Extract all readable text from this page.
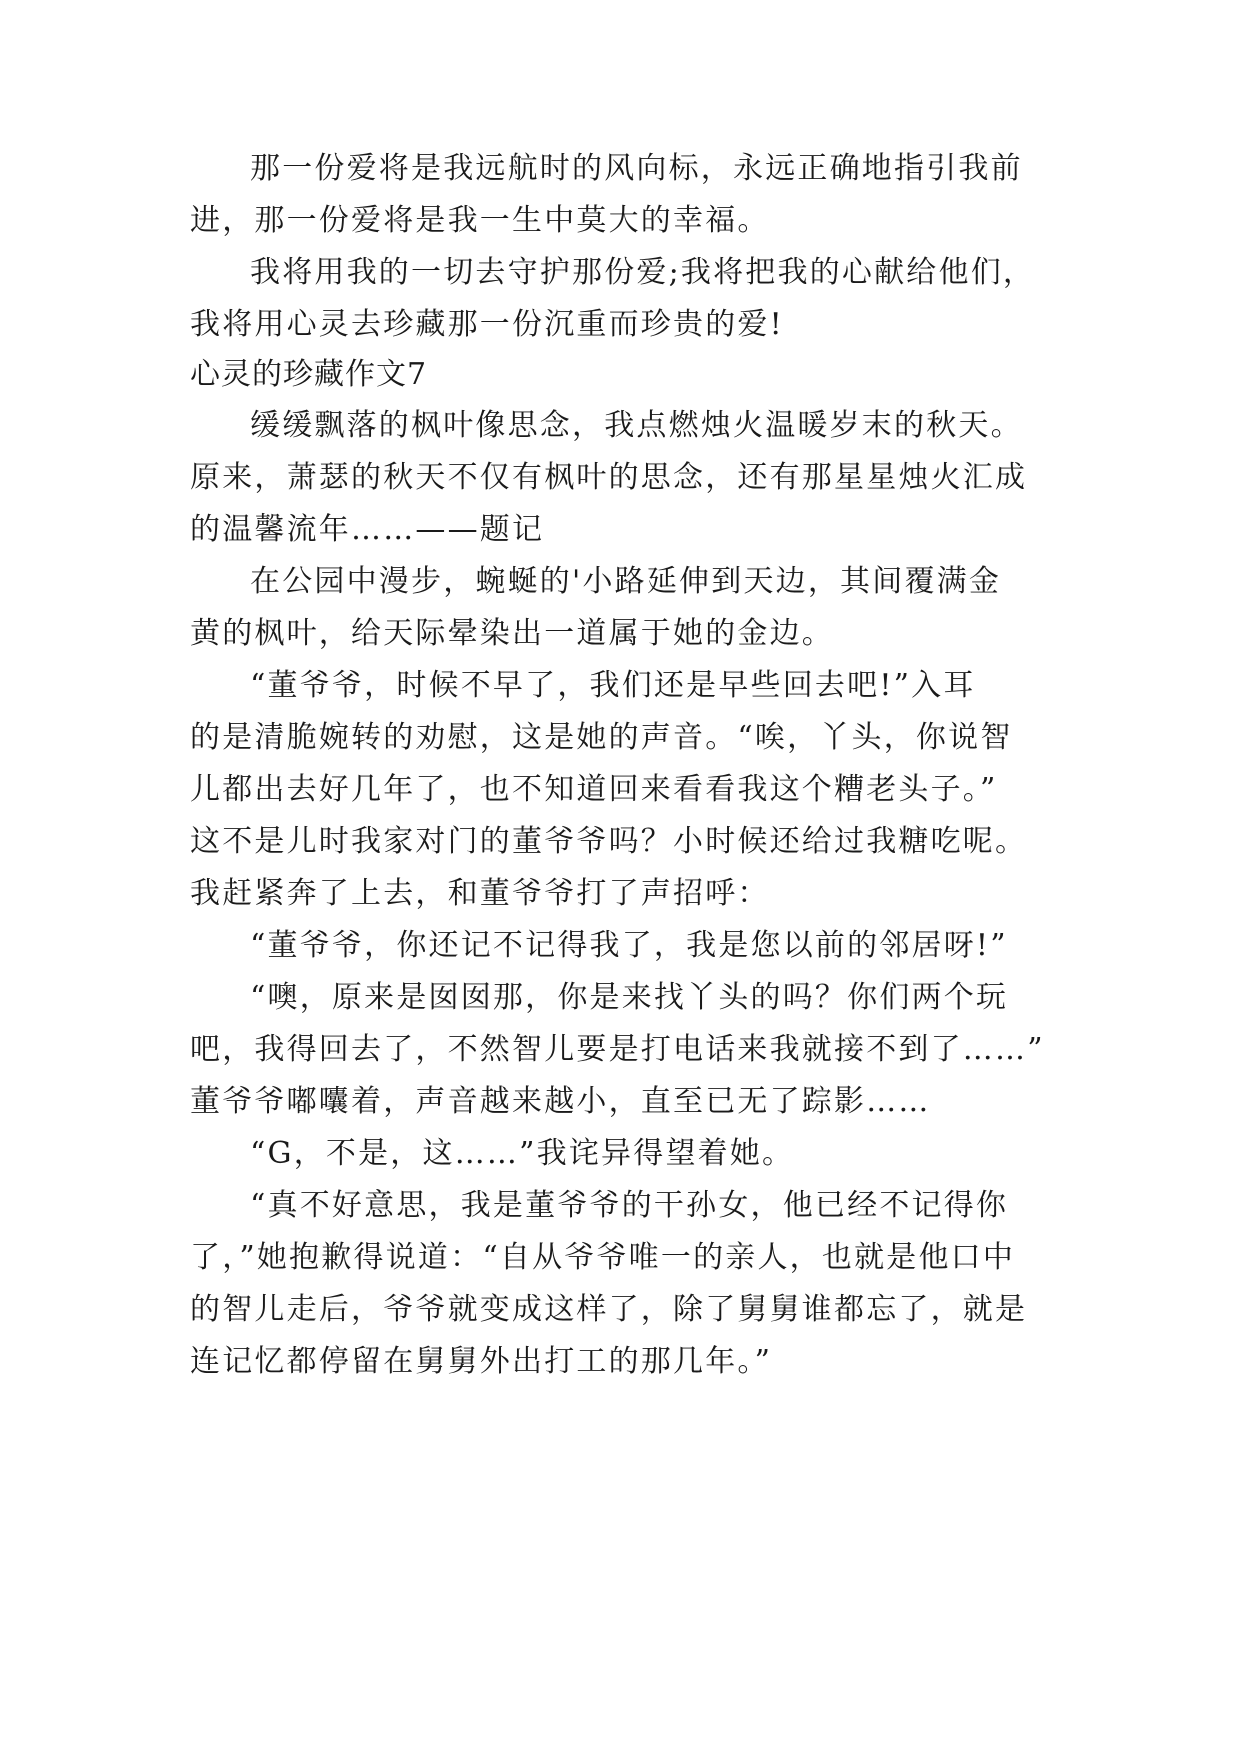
那一份爱将是我远航时的风向标，永远正确地指引我前
进，那一份爱将是我一生中莫大的幸福。
我将用我的一切去守护那份爱;我将把我的心献给他们，
我将用心灵去珍藏那一份沉重而珍贵的爱!
心灵的珍藏作文7
缓缓飘落的枫叶像思念，我点燃烛火温暖岁末的秋天。
原来，萧瑟的秋天不仅有枫叶的思念，还有那星星烛火汇成
的温馨流年……——题记
在公园中漫步，蜿蜒的'小路延伸到天边，其间覆满金
黄的枫叶，给天际晕染出一道属于她的金边。
“董爷爷，时候不早了，我们还是早些回去吧!”入耳
的是清脆婉转的劝慰，这是她的声音。“唉，丫头，你说智
儿都出去好几年了，也不知道回来看看我这个糟老头子。”
这不是儿时我家对门的董爷爷吗？小时候还给过我糖吃呢。
我赶紧奔了上去，和董爷爷打了声招呼：
“董爷爷，你还记不记得我了，我是您以前的邻居呀!”
“噢，原来是囡囡那，你是来找丫头的吗？你们两个玩
吧，我得回去了，不然智儿要是打电话来我就接不到了……”
董爷爷嘟囔着，声音越来越小，直至已无了踪影……
“G，不是，这……”我诧异得望着她。
“真不好意思，我是董爷爷的干孙女，他已经不记得你
了，”她抱歉得说道：“自从爷爷唯一的亲人，也就是他口中
的智儿走后，爷爷就变成这样了，除了舅舅谁都忘了，就是
连记忆都停留在舅舅外出打工的那几年。”
